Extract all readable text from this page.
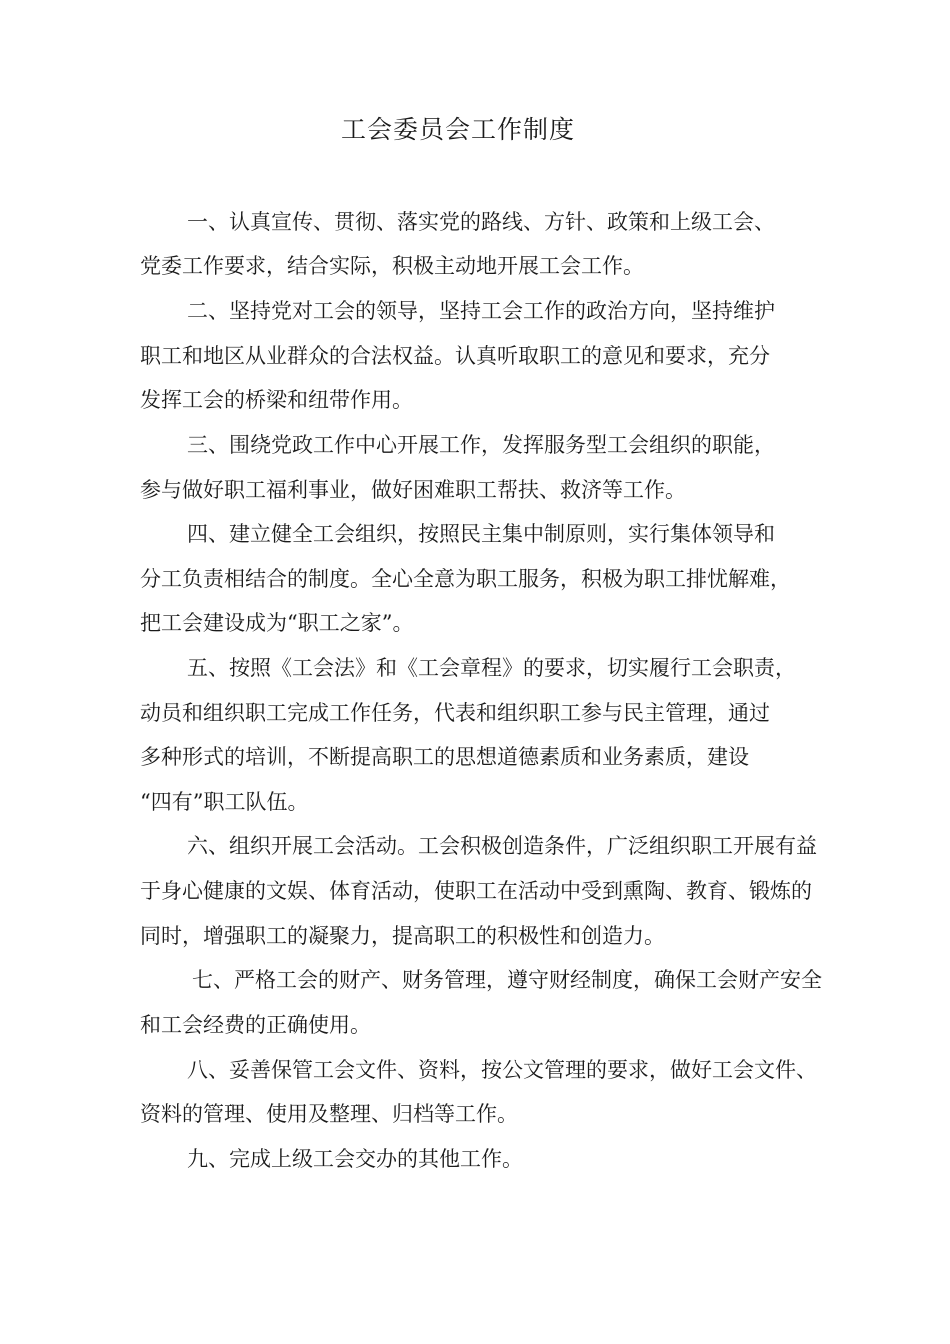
工会委员会工作制度
一、认真宣传、贯彻、落实党的路线、方针、政策和上级工会、
党委工作要求，结合实际，积极主动地开展工会工作。
二、坚持党对工会的领导，坚持工会工作的政治方向，坚持维护
职工和地区从业群众的合法权益。认真听取职工的意见和要求，充分
发挥工会的桥梁和纽带作用。
三、围绕党政工作中心开展工作，发挥服务型工会组织的职能，
参与做好职工福利事业，做好困难职工帮扶、救济等工作。
四、建立健全工会组织，按照民主集中制原则，实行集体领导和
分工负责相结合的制度。全心全意为职工服务，积极为职工排忧解难，
把工会建设成为“职工之家”。
五、按照《工会法》和《工会章程》的要求，切实履行工会职责，
动员和组织职工完成工作任务，代表和组织职工参与民主管理，通过
多种形式的培训，不断提高职工的思想道德素质和业务素质，建设
“四有”职工队伍。
六、组织开展工会活动。工会积极创造条件，广泛组织职工开展有益
于身心健康的文娱、体育活动，使职工在活动中受到熏陶、教育、锻炼的
同时，增强职工的凝聚力，提高职工的积极性和创造力。
七、严格工会的财产、财务管理，遵守财经制度，确保工会财产安全
和工会经费的正确使用。
八、妥善保管工会文件、资料，按公文管理的要求，做好工会文件、
资料的管理、使用及整理、归档等工作。
九、完成上级工会交办的其他工作。
